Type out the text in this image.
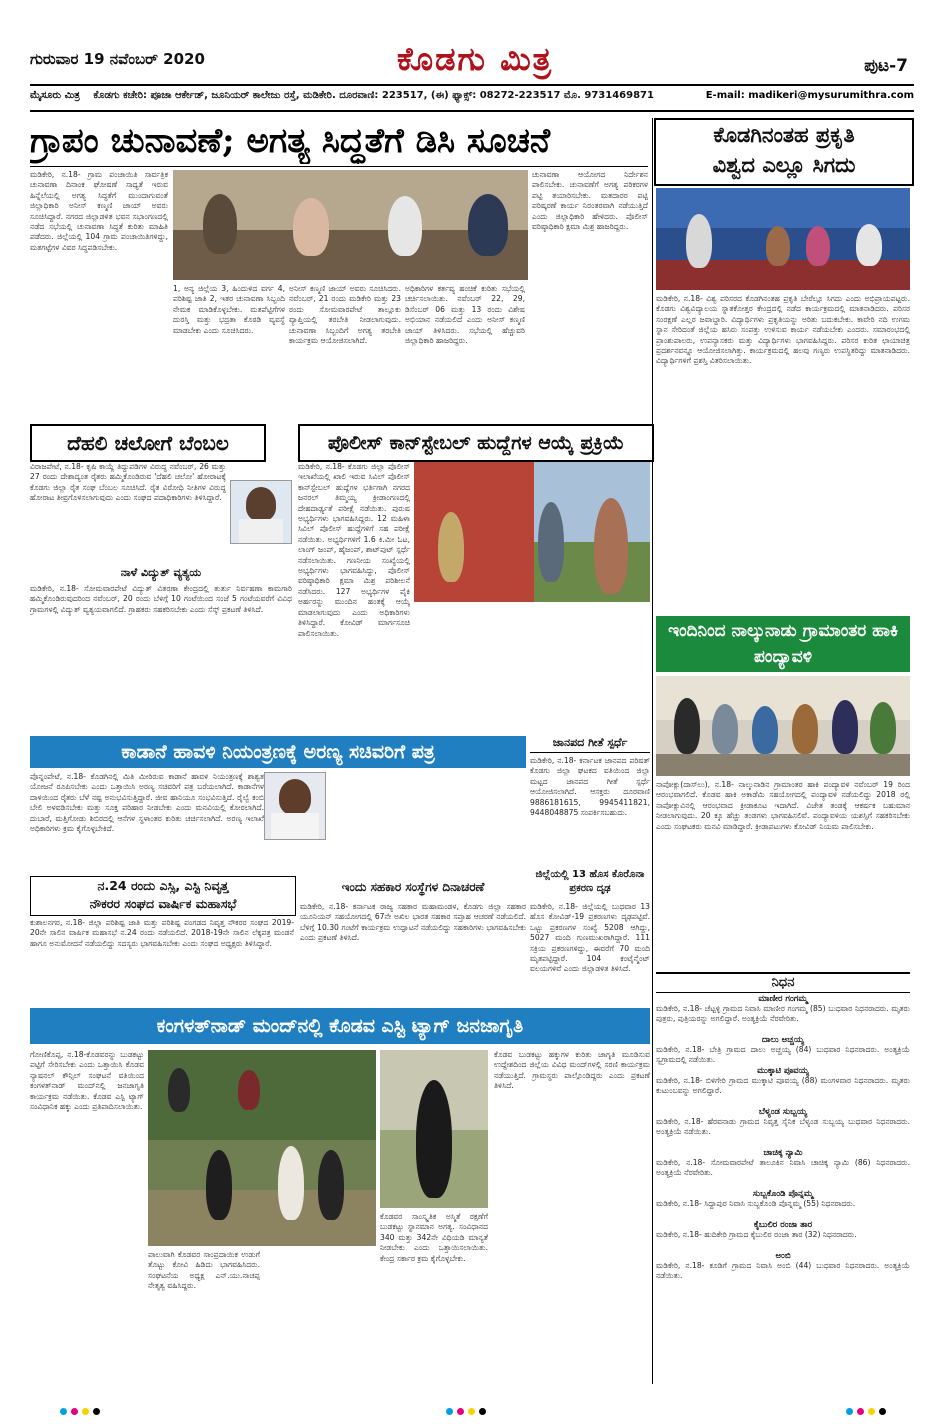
ಗುರುವಾರ 19 ನವೆಂಬರ್ 2020	ಕೊಡಗು ಮಿತ್ರ	ಪುಟ-7
ಮೈಸೂರು ಮಿತ್ರ ಕೊಡಗು ಕಚೇರಿ: ಪೂಜಾ ಆರ್ಕೇಡ್, ಜೂನಿಯರ್ ಕಾಲೇಜು ರಸ್ತೆ, ಮಡಿಕೇರಿ. ದೂರವಾಣಿ: 223517, (ಈ) ಫ್ಯಾಕ್ಸ್: 08272-223517 ಮೊ. 9731469871	E-mail: madikeri@mysurumithra.com
ಗ್ರಾಪಂ ಚುನಾವಣೆ; ಅಗತ್ಯ ಸಿದ್ಧತೆಗೆ ಡಿಸಿ ಸೂಚನೆ
ಮಡಿಕೇರಿ, ನ.18- ಗ್ರಾಮ ಪಂಚಾಯಿತಿ ಸಾರ್ವತ್ರಿಕ ಚುನಾವಣಾ ದಿನಾಂಕ ಘೋಷಣೆ ಸಾಧ್ಯತೆ ಇರುವ ಹಿನ್ನೆಲೆಯಲ್ಲಿ ಅಗತ್ಯ ಸಿದ್ಧತೆಗೆ ಮುಂದಾಗುವಂತೆ ಜಿಲ್ಲಾಧಿಕಾರಿ ಅನೀಸ್ ಕಣ್ಮಣಿ ಜಾಯ್ ಅವರು ಸೂಚಿಸಿದ್ದಾರೆ. ನಗರದ ಜಿಲ್ಲಾಡಳಿತ ಭವನ ಸಭಾಂಗಣದಲ್ಲಿ ನಡೆದ ಸಭೆಯಲ್ಲಿ ಚುನಾವಣಾ ಸಿದ್ಧತೆ ಕುರಿತು ಮಾಹಿತಿ ಪಡೆದರು. ಜಿಲ್ಲೆಯಲ್ಲಿ 104 ಗ್ರಾಮ ಪಂಚಾಯಿತಿಗಳಿದ್ದು, ಮತಗಟ್ಟೆಗಳ ವಿವರ ಸಿದ್ಧಪಡಿಸಬೇಕು.
1, ಅನ್ಯ ಜಿಲ್ಲೆಯ 3, ಹಿಂದುಳಿದ ವರ್ಗ 4, ಪರಿಶಿಷ್ಟ ಜಾತಿ 2, ಇತರ ಚುನಾವಣಾ ಸಿಬ್ಬಂದಿ ನೇಮಕ ಮಾಡಿಕೊಳ್ಳಬೇಕು. ಮತಪೆಟ್ಟಿಗೆಗಳ ದುರಸ್ತಿ ಮತ್ತು ಭದ್ರತಾ ಕೊಠಡಿ ವ್ಯವಸ್ಥೆ ಮಾಡಬೇಕು ಎಂದು ಸೂಚಿಸಿದರು.
ಅನೀಸ್ ಕಣ್ಮಣಿ ಜಾಯ್ ಅವರು ಸೂಚಿಸಿದರು. ನವೆಂಬರ್, 21 ರಂದು ಮಡಿಕೇರಿ ಮತ್ತು 23 ರಂದು ಸೋಮವಾರಪೇಟೆ ತಾಲ್ಲೂಕು ವ್ಯಾಪ್ತಿಯಲ್ಲಿ ತರಬೇತಿ ನೀಡಲಾಗುವುದು. ಚುನಾವಣಾ ಸಿಬ್ಬಂದಿಗೆ ಅಗತ್ಯ ತರಬೇತಿ ಕಾರ್ಯಕ್ರಮ ಆಯೋಜಿಸಲಾಗಿದೆ.
ಅಧಿಕಾರಿಗಳ ಕರ್ತವ್ಯ ಹಂಚಿಕೆ ಕುರಿತು ಸಭೆಯಲ್ಲಿ ಚರ್ಚಿಸಲಾಯಿತು. ನವೆಂಬರ್ 22, 29, ಡಿಸೆಂಬರ್ 06 ಮತ್ತು 13 ರಂದು ವಿಶೇಷ ಅಭಿಯಾನ ನಡೆಯಲಿದೆ ಎಂದು ಅನೀಸ್ ಕಣ್ಮಣಿ ಜಾಯ್ ತಿಳಿಸಿದರು. ಸಭೆಯಲ್ಲಿ ಹೆಚ್ಚುವರಿ ಜಿಲ್ಲಾಧಿಕಾರಿ ಹಾಜರಿದ್ದರು.
ಚುನಾವಣಾ ಆಯೋಗದ ನಿರ್ದೇಶನ ಪಾಲಿಸಬೇಕು. ಚುನಾವಣೆಗೆ ಅಗತ್ಯ ಪರಿಕರಗಳ ಪಟ್ಟಿ ತಯಾರಿಸಬೇಕು. ಮತದಾರರ ಪಟ್ಟಿ ಪರಿಷ್ಕರಣೆ ಕಾರ್ಯ ನಿರಂತರವಾಗಿ ನಡೆಯುತ್ತಿದೆ ಎಂದು ಜಿಲ್ಲಾಧಿಕಾರಿ ಹೇಳಿದರು. ಪೊಲೀಸ್ ವರಿಷ್ಠಾಧಿಕಾರಿ ಕ್ಷಮಾ ಮಿಶ್ರ ಹಾಜರಿದ್ದರು.
ಕೊಡಗಿನಂತಹ ಪ್ರಕೃತಿ
ವಿಶ್ವದ ಎಲ್ಲೂ ಸಿಗದು
ಮಡಿಕೇರಿ, ನ.18- ವಿಶ್ವ ಪರಿಸರದ ಕೊಡಗಿನಂತಹ ಪ್ರಕೃತಿ ಬೇರೆಲ್ಲೂ ಸಿಗದು ಎಂದು ಅಭಿಪ್ರಾಯಪಟ್ಟರು. ಕೊಡಗು ವಿಶ್ವವಿದ್ಯಾಲಯ ಸ್ನಾತಕೋತ್ತರ ಕೇಂದ್ರದಲ್ಲಿ ನಡೆದ ಕಾರ್ಯಕ್ರಮದಲ್ಲಿ ಮಾತನಾಡಿದರು. ಪರಿಸರ ಸಂರಕ್ಷಣೆ ಎಲ್ಲರ ಜವಾಬ್ದಾರಿ. ವಿದ್ಯಾರ್ಥಿಗಳು ಪ್ರಕೃತಿಯನ್ನು ಅರಿತು ಬದುಕಬೇಕು. ಕಾವೇರಿ ನದಿ ಉಗಮ ಸ್ಥಾನ ಸೇರಿದಂತೆ ಜಿಲ್ಲೆಯ ಹಸಿರು ಸಂಪತ್ತು ಉಳಿಸುವ ಕಾರ್ಯ ನಡೆಯಬೇಕು ಎಂದರು. ಸಮಾರಂಭದಲ್ಲಿ ಪ್ರಾಂಶುಪಾಲರು, ಉಪನ್ಯಾಸಕರು ಮತ್ತು ವಿದ್ಯಾರ್ಥಿಗಳು ಭಾಗವಹಿಸಿದ್ದರು. ಪರಿಸರ ಕುರಿತ ಛಾಯಾಚಿತ್ರ ಪ್ರದರ್ಶನವನ್ನೂ ಆಯೋಜಿಸಲಾಗಿತ್ತು. ಕಾರ್ಯಕ್ರಮದಲ್ಲಿ ಹಲವು ಗಣ್ಯರು ಉಪಸ್ಥಿತರಿದ್ದು ಮಾತನಾಡಿದರು. ವಿದ್ಯಾರ್ಥಿಗಳಿಗೆ ಪ್ರಶಸ್ತಿ ವಿತರಿಸಲಾಯಿತು.
ದೆಹಲಿ ಚಲೋಗೆ ಬೆಂಬಲ
ವಿರಾಜಪೇಟೆ, ನ.18- ಕೃಷಿ ಕಾಯ್ದೆ ತಿದ್ದುಪಡಿಗಳ ವಿರುದ್ಧ ನವೆಂಬರ್, 26 ಮತ್ತು 27 ರಂದು ದೇಶಾದ್ಯಂತ ರೈತರು ಹಮ್ಮಿಕೊಂಡಿರುವ 'ದೆಹಲಿ ಚಲೋ' ಹೋರಾಟಕ್ಕೆ ಕೊಡಗು ಜಿಲ್ಲಾ ರೈತ ಸಂಘ ಬೆಂಬಲ ಸೂಚಿಸಿದೆ. ರೈತ ವಿರೋಧಿ ನೀತಿಗಳ ವಿರುದ್ಧ ಹೋರಾಟ ತೀವ್ರಗೊಳಿಸಲಾಗುವುದು ಎಂದು ಸಂಘದ ಪದಾಧಿಕಾರಿಗಳು ತಿಳಿಸಿದ್ದಾರೆ.
ನಾಳೆ ವಿದ್ಯುತ್ ವ್ಯತ್ಯಯ
ಮಡಿಕೇರಿ, ನ.18- ಸೋಮವಾರಪೇಟೆ ವಿದ್ಯುತ್ ವಿತರಣಾ ಕೇಂದ್ರದಲ್ಲಿ ತುರ್ತು ನಿರ್ವಹಣಾ ಕಾಮಗಾರಿ ಹಮ್ಮಿಕೊಂಡಿರುವುದರಿಂದ ನವೆಂಬರ್, 20 ರಂದು ಬೆಳಿಗ್ಗೆ 10 ಗಂಟೆಯಿಂದ ಸಂಜೆ 5 ಗಂಟೆಯವರೆಗೆ ವಿವಿಧ ಗ್ರಾಮಗಳಲ್ಲಿ ವಿದ್ಯುತ್ ವ್ಯತ್ಯಯವಾಗಲಿದೆ. ಗ್ರಾಹಕರು ಸಹಕರಿಸಬೇಕು ಎಂದು ಸೆಸ್ಕ್ ಪ್ರಕಟಣೆ ತಿಳಿಸಿದೆ.
ಪೊಲೀಸ್ ಕಾನ್‌ಸ್ಟೇಬಲ್ ಹುದ್ದೆಗಳ ಆಯ್ಕೆ ಪ್ರಕ್ರಿಯೆ
ಮಡಿಕೇರಿ, ನ.18- ಕೊಡಗು ಜಿಲ್ಲಾ ಪೊಲೀಸ್ ಇಲಾಖೆಯಲ್ಲಿ ಖಾಲಿ ಇರುವ ಸಿವಿಲ್ ಪೊಲೀಸ್ ಕಾನ್‌ಸ್ಟೇಬಲ್ ಹುದ್ದೆಗಳ ಭರ್ತಿಗಾಗಿ ನಗರದ ಜನರಲ್ ತಿಮ್ಮಯ್ಯ ಕ್ರೀಡಾಂಗಣದಲ್ಲಿ ದೇಹದಾರ್ಢ್ಯತೆ ಪರೀಕ್ಷೆ ನಡೆಯಿತು. ಪುರುಷ ಅಭ್ಯರ್ಥಿಗಳು ಭಾಗವಹಿಸಿದ್ದರು. 12 ಮಹಿಳಾ ಸಿವಿಲ್ ಪೊಲೀಸ್ ಹುದ್ದೆಗಳಿಗೆ ಸಹ ಪರೀಕ್ಷೆ ನಡೆಯಿತು. ಅಭ್ಯರ್ಥಿಗಳಿಗೆ 1.6 ಕಿ.ಮೀ ಓಟ, ಲಾಂಗ್ ಜಂಪ್, ಹೈಜಂಪ್, ಶಾಟ್‌ಪುಟ್ ಸ್ಪರ್ಧೆ ನಡೆಸಲಾಯಿತು. ಗಣನೀಯ ಸಂಖ್ಯೆಯಲ್ಲಿ ಅಭ್ಯರ್ಥಿಗಳು ಭಾಗವಹಿಸಿದ್ದು, ಪೊಲೀಸ್ ವರಿಷ್ಠಾಧಿಕಾರಿ ಕ್ಷಮಾ ಮಿಶ್ರ ಪರಿಶೀಲನೆ ನಡೆಸಿದರು. 127 ಅಭ್ಯರ್ಥಿಗಳ ಪೈಕಿ ಅರ್ಹರನ್ನು ಮುಂದಿನ ಹಂತಕ್ಕೆ ಆಯ್ಕೆ ಮಾಡಲಾಗುವುದು ಎಂದು ಅಧಿಕಾರಿಗಳು ತಿಳಿಸಿದ್ದಾರೆ. ಕೋವಿಡ್ ಮಾರ್ಗಸೂಚಿ ಪಾಲಿಸಲಾಯಿತು.	ಇಂದಿನಿಂದ ನಾಲ್ಕುನಾಡು ಗ್ರಾಮಾಂತರ ಹಾಕಿ ಪಂದ್ಯಾವಳಿ
ನಾಪೋಕ್ಲು(ದಾಸ್‌ಲು), ನ.18- ನಾಲ್ಕುನಾಡಿನ ಗ್ರಾಮಾಂತರ ಹಾಕಿ ಪಂದ್ಯಾವಳಿ ನವೆಂಬರ್ 19 ರಿಂದ ಆರಂಭವಾಗಲಿದೆ. ಕೊಡವ ಹಾಕಿ ಅಕಾಡೆಮಿ ಸಹಯೋಗದಲ್ಲಿ ಪಂದ್ಯಾವಳಿ ನಡೆಯಲಿದ್ದು 2018 ರಲ್ಲಿ ನಾಪೋಕ್ಲುವಿನಲ್ಲಿ ಆರಂಭವಾದ ಕ್ರೀಡಾಕೂಟ ಇದಾಗಿದೆ. ವಿಜೇತ ತಂಡಕ್ಕೆ ಆಕರ್ಷಕ ಬಹುಮಾನ ನೀಡಲಾಗುವುದು. 20 ಕ್ಕೂ ಹೆಚ್ಚು ತಂಡಗಳು ಭಾಗವಹಿಸಲಿವೆ. ಪಂದ್ಯಾವಳಿಯ ಯಶಸ್ಸಿಗೆ ಸಹಕರಿಸಬೇಕು ಎಂದು ಸಂಘಟಕರು ಮನವಿ ಮಾಡಿದ್ದಾರೆ. ಕ್ರೀಡಾಪಟುಗಳು ಕೋವಿಡ್ ನಿಯಮ ಪಾಲಿಸಬೇಕು.
ಕಾಡಾನೆ ಹಾವಳಿ ನಿಯಂತ್ರಣಕ್ಕೆ ಅರಣ್ಯ ಸಚಿವರಿಗೆ ಪತ್ರ
ಪೊನ್ನಂಪೇಟೆ, ನ.18- ಕೊಡಗಿನಲ್ಲಿ ಮಿತಿ ಮೀರಿರುವ ಕಾಡಾನೆ ಹಾವಳಿ ನಿಯಂತ್ರಣಕ್ಕೆ ಶಾಶ್ವತ ಯೋಜನೆ ರೂಪಿಸಬೇಕು ಎಂದು ಒತ್ತಾಯಿಸಿ ಅರಣ್ಯ ಸಚಿವರಿಗೆ ಪತ್ರ ಬರೆಯಲಾಗಿದೆ. ಕಾಡಾನೆಗಳ ದಾಳಿಯಿಂದ ರೈತರು ಬೆಳೆ ನಷ್ಟ ಅನುಭವಿಸುತ್ತಿದ್ದಾರೆ. ಜೀವ ಹಾನಿಯೂ ಸಂಭವಿಸುತ್ತಿದೆ. ರೈಲ್ವೆ ಕಂಬಿ ಬೇಲಿ ಅಳವಡಿಸಬೇಕು ಮತ್ತು ಸೂಕ್ತ ಪರಿಹಾರ ನೀಡಬೇಕು ಎಂದು ಮನವಿಯಲ್ಲಿ ಕೋರಲಾಗಿದೆ. ದುಬಾರೆ, ಮತ್ತಿಗೋಡು ಶಿಬಿರದಲ್ಲಿ ಆನೆಗಳ ಸ್ಥಳಾಂತರ ಕುರಿತು ಚರ್ಚಿಸಲಾಗಿದೆ. ಅರಣ್ಯ ಇಲಾಖೆ ಅಧಿಕಾರಿಗಳು ಕ್ರಮ ಕೈಗೊಳ್ಳಬೇಕಿದೆ.
ಜಾನಪದ ಗೀತೆ ಸ್ಪರ್ಧೆ
ಮಡಿಕೇರಿ, ನ.18- ಕರ್ನಾಟಕ ಜಾನಪದ ಪರಿಷತ್ ಕೊಡಗು ಜಿಲ್ಲಾ ಘಟಕದ ವತಿಯಿಂದ ಜಿಲ್ಲಾ ಮಟ್ಟದ ಜಾನಪದ ಗೀತೆ ಸ್ಪರ್ಧೆ ಆಯೋಜಿಸಲಾಗಿದೆ. ಆಸಕ್ತರು ದೂರವಾಣಿ 9886181615, 9945411821, 9448048875 ಸಂಪರ್ಕಿಸಬಹುದು.
ಜಿಲ್ಲೆಯಲ್ಲಿ 13 ಹೊಸ ಕೊರೊನಾ ಪ್ರಕರಣ ದೃಢ
ಮಡಿಕೇರಿ, ನ.18- ಜಿಲ್ಲೆಯಲ್ಲಿ ಬುಧವಾರ 13 ಹೊಸ ಕೋವಿಡ್-19 ಪ್ರಕರಣಗಳು ದೃಢಪಟ್ಟಿವೆ. ಒಟ್ಟು ಪ್ರಕರಣಗಳ ಸಂಖ್ಯೆ 5208 ಆಗಿದ್ದು, 5027 ಮಂದಿ ಗುಣಮುಖರಾಗಿದ್ದಾರೆ. 111 ಸಕ್ರಿಯ ಪ್ರಕರಣಗಳಿದ್ದು, ಈವರೆಗೆ 70 ಮಂದಿ ಮೃತಪಟ್ಟಿದ್ದಾರೆ. 104 ಕಂಟೈನ್ಮೆಂಟ್ ವಲಯಗಳಿವೆ ಎಂದು ಜಿಲ್ಲಾಡಳಿತ ತಿಳಿಸಿದೆ.
ನ.24 ರಂದು ಎಸ್ಸಿ, ಎಸ್ಟಿ ನಿವೃತ್ತ
ನೌಕರರ ಸಂಘದ ವಾರ್ಷಿಕ ಮಹಾಸಭೆ
ಕುಶಾಲನಗರ, ನ.18- ಜಿಲ್ಲಾ ಪರಿಶಿಷ್ಟ ಜಾತಿ ಮತ್ತು ಪರಿಶಿಷ್ಟ ಪಂಗಡದ ನಿವೃತ್ತ ನೌಕರರ ಸಂಘದ 2019-20ನೇ ಸಾಲಿನ ವಾರ್ಷಿಕ ಮಹಾಸಭೆ ನ.24 ರಂದು ನಡೆಯಲಿದೆ. 2018-19ನೇ ಸಾಲಿನ ಲೆಕ್ಕಪತ್ರ ಮಂಡನೆ ಹಾಗೂ ಅನುಮೋದನೆ ನಡೆಯಲಿದ್ದು ಸದಸ್ಯರು ಭಾಗವಹಿಸಬೇಕು ಎಂದು ಸಂಘದ ಅಧ್ಯಕ್ಷರು ತಿಳಿಸಿದ್ದಾರೆ.
ಇಂದು ಸಹಕಾರ ಸಂಸ್ಥೆಗಳ ದಿನಾಚರಣೆ
ಮಡಿಕೇರಿ, ನ.18- ಕರ್ನಾಟಕ ರಾಜ್ಯ ಸಹಕಾರ ಮಹಾಮಂಡಳ, ಕೊಡಗು ಜಿಲ್ಲಾ ಸಹಕಾರ ಯೂನಿಯನ್ ಸಹಯೋಗದಲ್ಲಿ 67ನೇ ಅಖಿಲ ಭಾರತ ಸಹಕಾರ ಸಪ್ತಾಹ ಆಚರಣೆ ನಡೆಯಲಿದೆ. ಬೆಳಿಗ್ಗೆ 10.30 ಗಂಟೆಗೆ ಕಾರ್ಯಕ್ರಮ ಉದ್ಘಾಟನೆ ನಡೆಯಲಿದ್ದು ಸಹಕಾರಿಗಳು ಭಾಗವಹಿಸಬೇಕು ಎಂದು ಪ್ರಕಟಣೆ ತಿಳಿಸಿದೆ.
ಕಂಗಳತ್‌ನಾಡ್ ಮಂದ್‌ನಲ್ಲಿ ಕೊಡವ ಎಸ್ಟಿ ಟ್ಯಾಗ್ ಜನಜಾಗೃತಿ
ಗೋಣಿಕೊಪ್ಪ, ನ.18-ಕೊಡವರನ್ನು ಬುಡಕಟ್ಟು ಪಟ್ಟಿಗೆ ಸೇರಿಸಬೇಕು ಎಂದು ಒತ್ತಾಯಿಸಿ ಕೊಡವ ನ್ಯಾಷನಲ್ ಕೌನ್ಸಿಲ್ ಸಂಘಟನೆ ವತಿಯಿಂದ ಕಂಗಳತ್‌ನಾಡ್ ಮಂದ್‌ನಲ್ಲಿ ಜನಜಾಗೃತಿ ಕಾರ್ಯಕ್ರಮ ನಡೆಯಿತು. ಕೊಡವ ಎಸ್ಟಿ ಟ್ಯಾಗ್ ಸಂವಿಧಾನಿಕ ಹಕ್ಕು ಎಂದು ಪ್ರತಿಪಾದಿಸಲಾಯಿತು.
ಪಾಲುವಾಗಿ ಕೊಡವರ ಸಾಂಪ್ರದಾಯಿಕ ಉಡುಗೆ ತೊಟ್ಟು ಕೋವಿ ಹಿಡಿದು ಭಾಗವಹಿಸಿದರು. ಸಂಘಟನೆಯ ಅಧ್ಯಕ್ಷ ಎನ್.ಯು.ನಾಚಪ್ಪ ನೇತೃತ್ವ ವಹಿಸಿದ್ದರು.
ಕೊಡವರ ಸಾಂಸ್ಕೃತಿಕ ಅಸ್ಮಿತೆ ರಕ್ಷಣೆಗೆ ಬುಡಕಟ್ಟು ಸ್ಥಾನಮಾನ ಅಗತ್ಯ. ಸಂವಿಧಾನದ 340 ಮತ್ತು 342ನೇ ವಿಧಿಯಡಿ ಮಾನ್ಯತೆ ನೀಡಬೇಕು ಎಂದು ಒತ್ತಾಯಿಸಲಾಯಿತು. ಕೇಂದ್ರ ಸರ್ಕಾರ ಕ್ರಮ ಕೈಗೊಳ್ಳಬೇಕು.
ಕೊಡವ ಬುಡಕಟ್ಟು ಹಕ್ಕುಗಳ ಕುರಿತು ಜಾಗೃತಿ ಮೂಡಿಸುವ ಉದ್ದೇಶದಿಂದ ಜಿಲ್ಲೆಯ ವಿವಿಧ ಮಂದ್‌ಗಳಲ್ಲಿ ಸರಣಿ ಕಾರ್ಯಕ್ರಮ ನಡೆಯುತ್ತಿದೆ. ಗ್ರಾಮಸ್ಥರು ಪಾಲ್ಗೊಂಡಿದ್ದರು ಎಂದು ಪ್ರಕಟಣೆ ತಿಳಿಸಿದೆ.
ನಿಧನ
ಮಾಣೀರ ಗಂಗಮ್ಮ
ಮಡಿಕೇರಿ, ನ.18- ಚೆಟ್ಟಳ್ಳಿ ಗ್ರಾಮದ ನಿವಾಸಿ ಮಾಣೀರ ಗಂಗಮ್ಮ (85) ಬುಧವಾರ ನಿಧನರಾದರು. ಮೃತರು ಪುತ್ರರು, ಪುತ್ರಿಯರನ್ನು ಅಗಲಿದ್ದಾರೆ. ಅಂತ್ಯಕ್ರಿಯೆ ನೆರವೇರಿತು.
ದಾಲು ಅಚ್ಚಯ್ಯ
ಮಡಿಕೇರಿ, ನ.18- ಬೇತ್ರಿ ಗ್ರಾಮದ ದಾಲು ಅಚ್ಚಯ್ಯ (84) ಬುಧವಾರ ನಿಧನರಾದರು. ಅಂತ್ಯಕ್ರಿಯೆ ಸ್ವಗ್ರಾಮದಲ್ಲಿ ನಡೆಯಿತು.
ಮುಕ್ಕಾಟಿ ಪೂವಯ್ಯ
ಮಡಿಕೇರಿ, ನ.18- ಬಿಳಿಗೇರಿ ಗ್ರಾಮದ ಮುಕ್ಕಾಟಿ ಪೂವಯ್ಯ (88) ಮಂಗಳವಾರ ನಿಧನರಾದರು. ಮೃತರು ಕುಟುಂಬವನ್ನು ಅಗಲಿದ್ದಾರೆ.
ಬೆಳ್ಯಂಡ ಸುಬ್ಬಯ್ಯ
ಮಡಿಕೇರಿ, ನ.18- ಹೆರವನಾಡು ಗ್ರಾಮದ ನಿವೃತ್ತ ಸೈನಿಕ ಬೆಳ್ಯಂಡ ಸುಬ್ಬಯ್ಯ ಬುಧವಾರ ನಿಧನರಾದರು. ಅಂತ್ಯಕ್ರಿಯೆ ನಡೆಯಿತು.
ಚಾಚಿಕ್ಕ ನ್ಯಾಮಿ
ಮಡಿಕೇರಿ, ನ.18- ಸೋಮವಾರಪೇಟೆ ತಾಲೂಕಿನ ನಿವಾಸಿ ಚಾಚಿಕ್ಕ ನ್ಯಾಮಿ (86) ನಿಧನರಾದರು. ಅಂತ್ಯಕ್ರಿಯೆ ನೆರವೇರಿತು.
ಸುಬ್ಬಕೊಂಡಿ ಪೊನ್ನಮ್ಮ
ಮಡಿಕೇರಿ, ನ.18- ಸಿದ್ದಾಪುರ ನಿವಾಸಿ ಸುಬ್ಬಕೊಂಡಿ ಪೊನ್ನಮ್ಮ (55) ನಿಧನರಾದರು.
ಕೈಬುಲಿರ ರಂಜಾ ತಾರ
ಮಡಿಕೇರಿ, ನ.18- ಹುದಿಕೇರಿ ಗ್ರಾಮದ ಕೈಬುಲಿರ ರಂಜಾ ತಾರ (32) ನಿಧನರಾದರು.
ಅಂಬಿ
ಮಡಿಕೇರಿ, ನ.18- ಕೂಡಿಗೆ ಗ್ರಾಮದ ನಿವಾಸಿ ಅಂಬಿ (44) ಬುಧವಾರ ನಿಧನರಾದರು. ಅಂತ್ಯಕ್ರಿಯೆ ನಡೆಯಿತು.
